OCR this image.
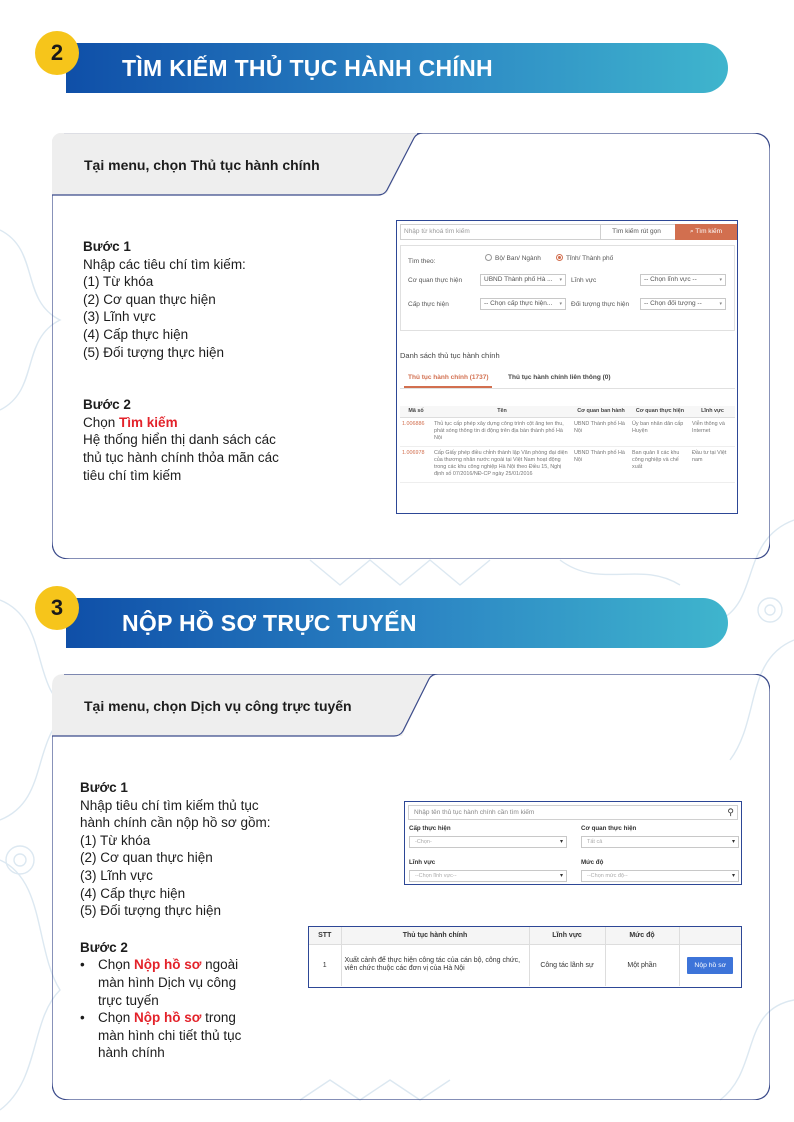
TÌM KIẾM THỦ TỤC HÀNH CHÍNH
2
Tại menu, chọn Thủ tục hành chính
Bước 1
Nhập các tiêu chí tìm kiếm:
(1) Từ khóa
(2) Cơ quan thực hiện
(3) Lĩnh vực
(4) Cấp thực hiện
(5) Đối tượng thực hiện
Bước 2
Chọn Tìm kiếm
Hệ thống hiển thị danh sách các
thủ tục hành chính thỏa mãn các
tiêu chí tìm kiếm
Nhập từ khoá tìm kiếm	Tìm kiếm rút gọn	⌕ Tìm kiếm
Tìm theo:	Bộ/ Ban/ Ngành	Tỉnh/ Thành phố
Cơ quan thực hiện	UBND Thành phố Hà ... ▾ Lĩnh vực	-- Chọn lĩnh vực --	▾
Cấp thực hiện	-- Chọn cấp thực hiện... ▾ Đối tượng thực hiện	-- Chọn đối tượng --	▾
Danh sách thủ tục hành chính
Thủ tục hành chính (1737)	Thủ tục hành chính liên thông (0)
Mã số	Tên	Cơ quan ban hành	Cơ quan thực hiện	Lĩnh vực
1.006886	Thủ tục cấp phép xây dựng công trình cột ăng ten thu, phát sóng thông tin di động trên địa bàn thành phố Hà Nội	UBND Thành phố Hà Nội	Ủy ban nhân dân cấp Huyện	Viễn thông và Internet
1.006978	Cấp Giấy phép điều chỉnh thành lập Văn phòng đại diện của thương nhân nước ngoài tại Việt Nam hoạt động trong các khu công nghiệp Hà Nội theo Điều 15, Nghị định số 07/2016/NĐ-CP ngày 25/01/2016	UBND Thành phố Hà Nội	Ban quản lí các khu công nghiệp và chế xuất	Đầu tư tại Việt nam
NỘP HỒ SƠ TRỰC TUYẾN
3
Tại menu, chọn Dịch vụ công trực tuyến
Bước 1
Nhập tiêu chí tìm kiếm thủ tục
hành chính cần nộp hồ sơ gồm:
(1) Từ khóa
(2) Cơ quan thực hiện
(3) Lĩnh vực
(4) Cấp thực hiện
(5) Đối tượng thực hiện
Bước 2
• Chọn Nộp hồ sơ ngoài
màn hình Dịch vụ công
trực tuyến
• Chọn Nộp hồ sơ trong
màn hình chi tiết thủ tục
hành chính
Nhập tên thủ tục hành chính cần tìm kiếm	⚲
Cấp thực hiện
-Chọn-	▾
Cơ quan thực hiện
Tất cả	▾
Lĩnh vực
--Chọn lĩnh vực--	▾
Mức độ
--Chọn mức độ--	▾
STT	Thủ tục hành chính	Lĩnh vực	Mức độ	
1	Xuất cảnh để thực hiện công tác của cán bộ, công chức, viên chức thuộc các đơn vị của Hà Nội	Công tác lãnh sự	Một phần	Nộp hồ sơ
